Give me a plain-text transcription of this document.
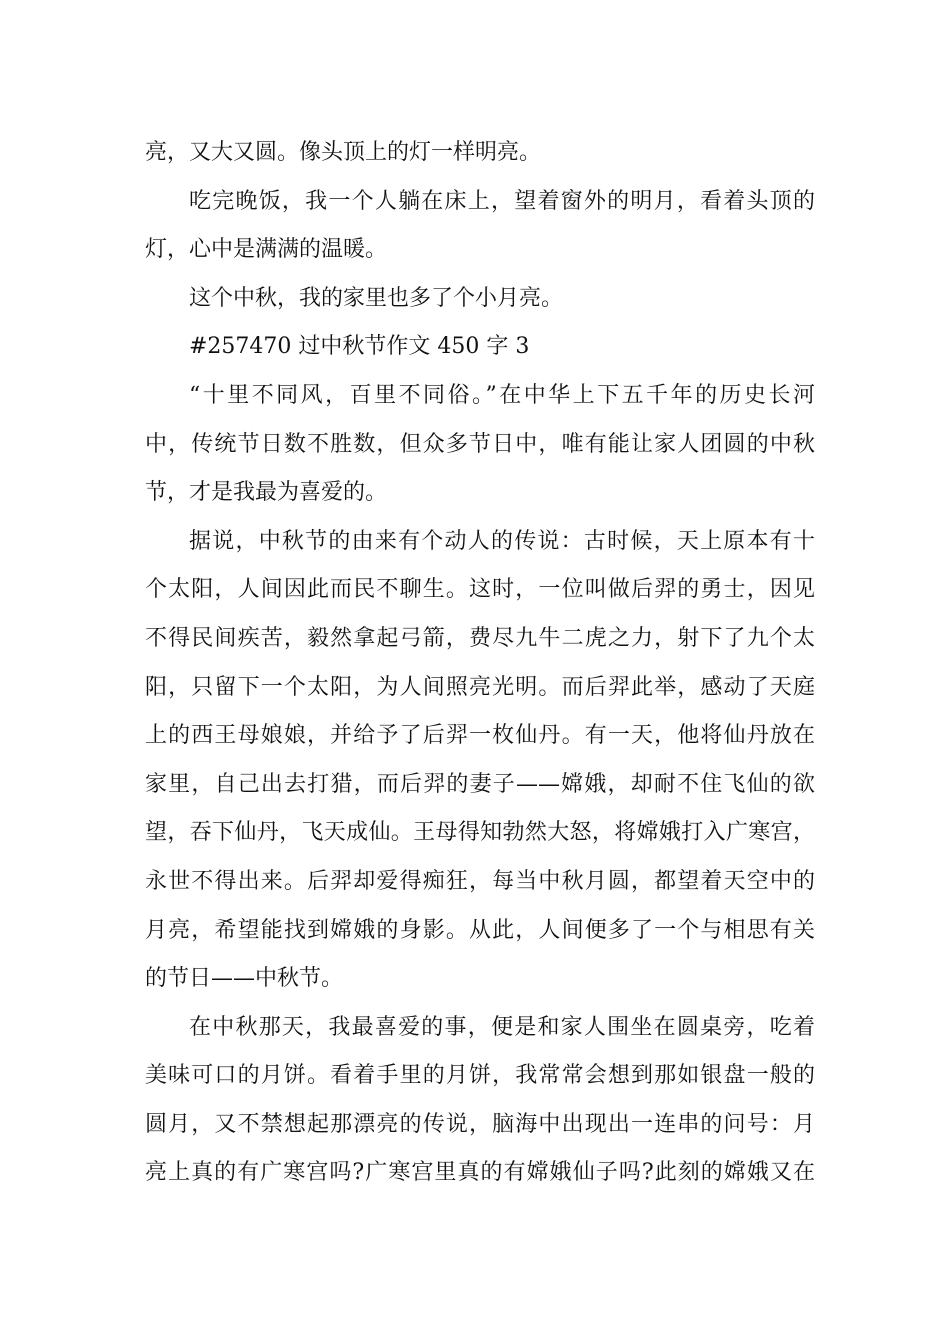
亮，又大又圆。像头顶上的灯一样明亮。
吃完晚饭，我一个人躺在床上，望着窗外的明月，看着头顶的
灯，心中是满满的温暖。
这个中秋，我的家里也多了个小月亮。
#257470 过中秋节作文 450 字 3
“十里不同风，百里不同俗。”在中华上下五千年的历史长河
中，传统节日数不胜数，但众多节日中，唯有能让家人团圆的中秋
节，才是我最为喜爱的。
据说，中秋节的由来有个动人的传说：古时候，天上原本有十
个太阳，人间因此而民不聊生。这时，一位叫做后羿的勇士，因见
不得民间疾苦，毅然拿起弓箭，费尽九牛二虎之力，射下了九个太
阳，只留下一个太阳，为人间照亮光明。而后羿此举，感动了天庭
上的西王母娘娘，并给予了后羿一枚仙丹。有一天，他将仙丹放在
家里，自己出去打猎，而后羿的妻子——嫦娥，却耐不住飞仙的欲
望，吞下仙丹，飞天成仙。王母得知勃然大怒，将嫦娥打入广寒宫，
永世不得出来。后羿却爱得痴狂，每当中秋月圆，都望着天空中的
月亮，希望能找到嫦娥的身影。从此，人间便多了一个与相思有关
的节日——中秋节。
在中秋那天，我最喜爱的事，便是和家人围坐在圆桌旁，吃着
美味可口的月饼。看着手里的月饼，我常常会想到那如银盘一般的
圆月，又不禁想起那漂亮的传说，脑海中出现出一连串的问号：月
亮上真的有广寒宫吗?广寒宫里真的有嫦娥仙子吗?此刻的嫦娥又在
